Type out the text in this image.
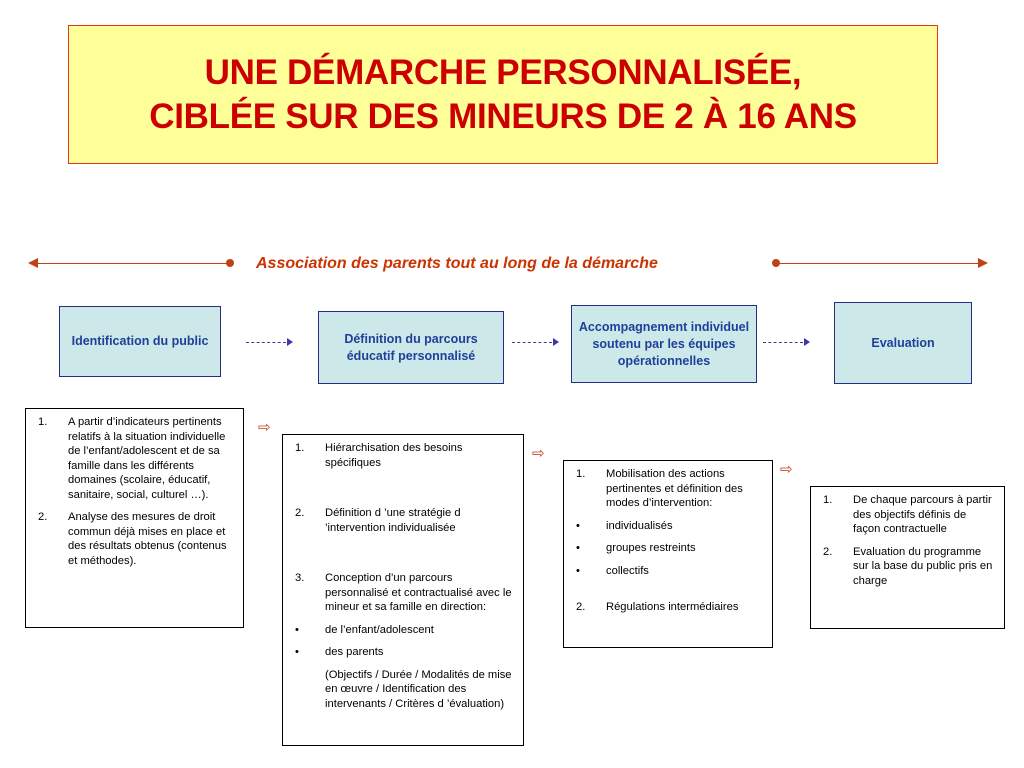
UNE DÉMARCHE PERSONNALISÉE,
CIBLÉE SUR DES MINEURS DE 2 À 16 ANS
Association des parents tout au long de la démarche
Identification du public	Définition du parcours éducatif personnalisé
Accompagnement individuel soutenu par les équipes opérationnelles
Evaluation
1.	A partir d’indicateurs pertinents relatifs à la situation individuelle de l’enfant/adolescent et de sa famille dans les différents domaines (scolaire, éducatif, sanitaire, social, culturel …).
2.	Analyse des mesures de droit commun déjà mises en place et des résultats obtenus (contenus et méthodes).
⇨
1.	Hiérarchisation des besoins spécifiques
2.	Définition d ’une stratégie d ’intervention individualisée
3.	Conception d’un parcours personnalisé et contractualisé avec le mineur et sa famille en direction:
•	de l’enfant/adolescent
•	des parents
(Objectifs / Durée / Modalités de mise en œuvre / Identification des intervenants / Critères d ’évaluation)
⇨
1.	Mobilisation des actions pertinentes et définition des modes d’intervention:
•	individualisés
•	groupes restreints
•	collectifs
2.	Régulations intermédiaires
⇨
1.	De chaque parcours à partir des objectifs définis de façon contractuelle
2.	Evaluation du programme sur la base du public pris en charge
